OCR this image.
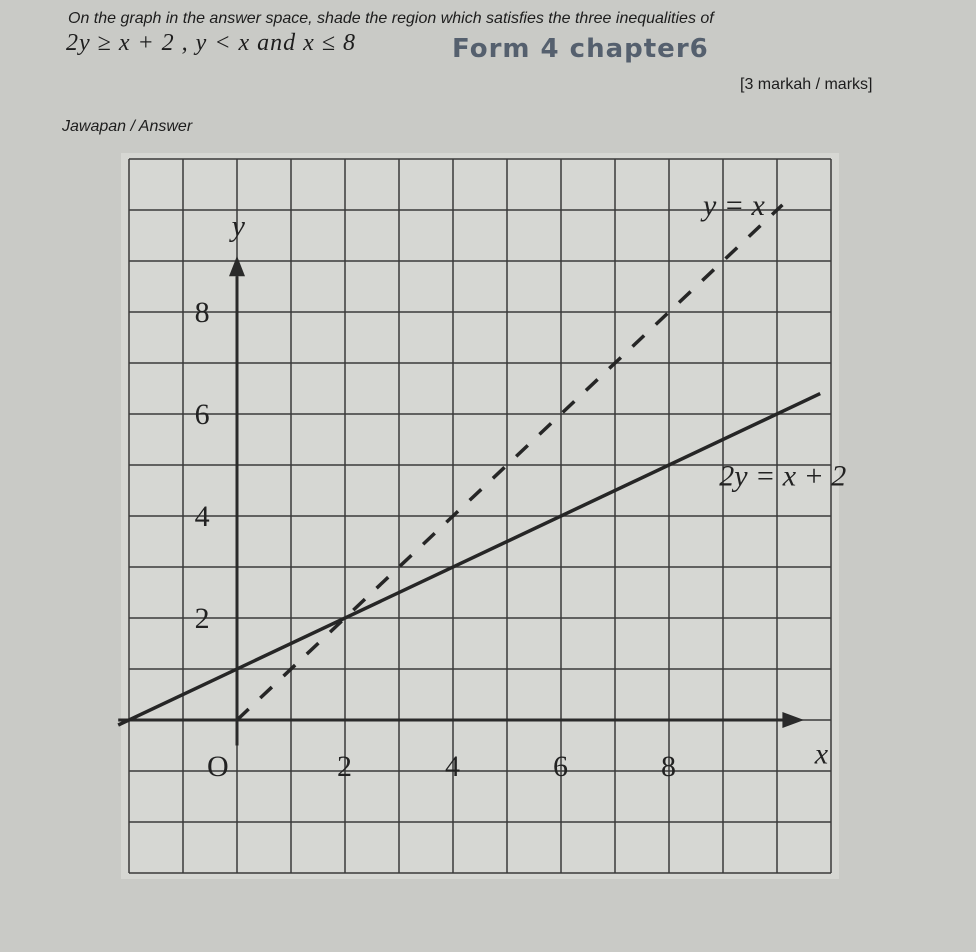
On the graph in the answer space, shade the region which satisfies the three inequalities of
2y ≥ x + 2 , y < x and x ≤ 8	Form 4 chapter6
[3 markah / marks]
Jawapan / Answer
x
y
O	2	4	6	8
2
4
6
8
y = x
2y = x + 2
